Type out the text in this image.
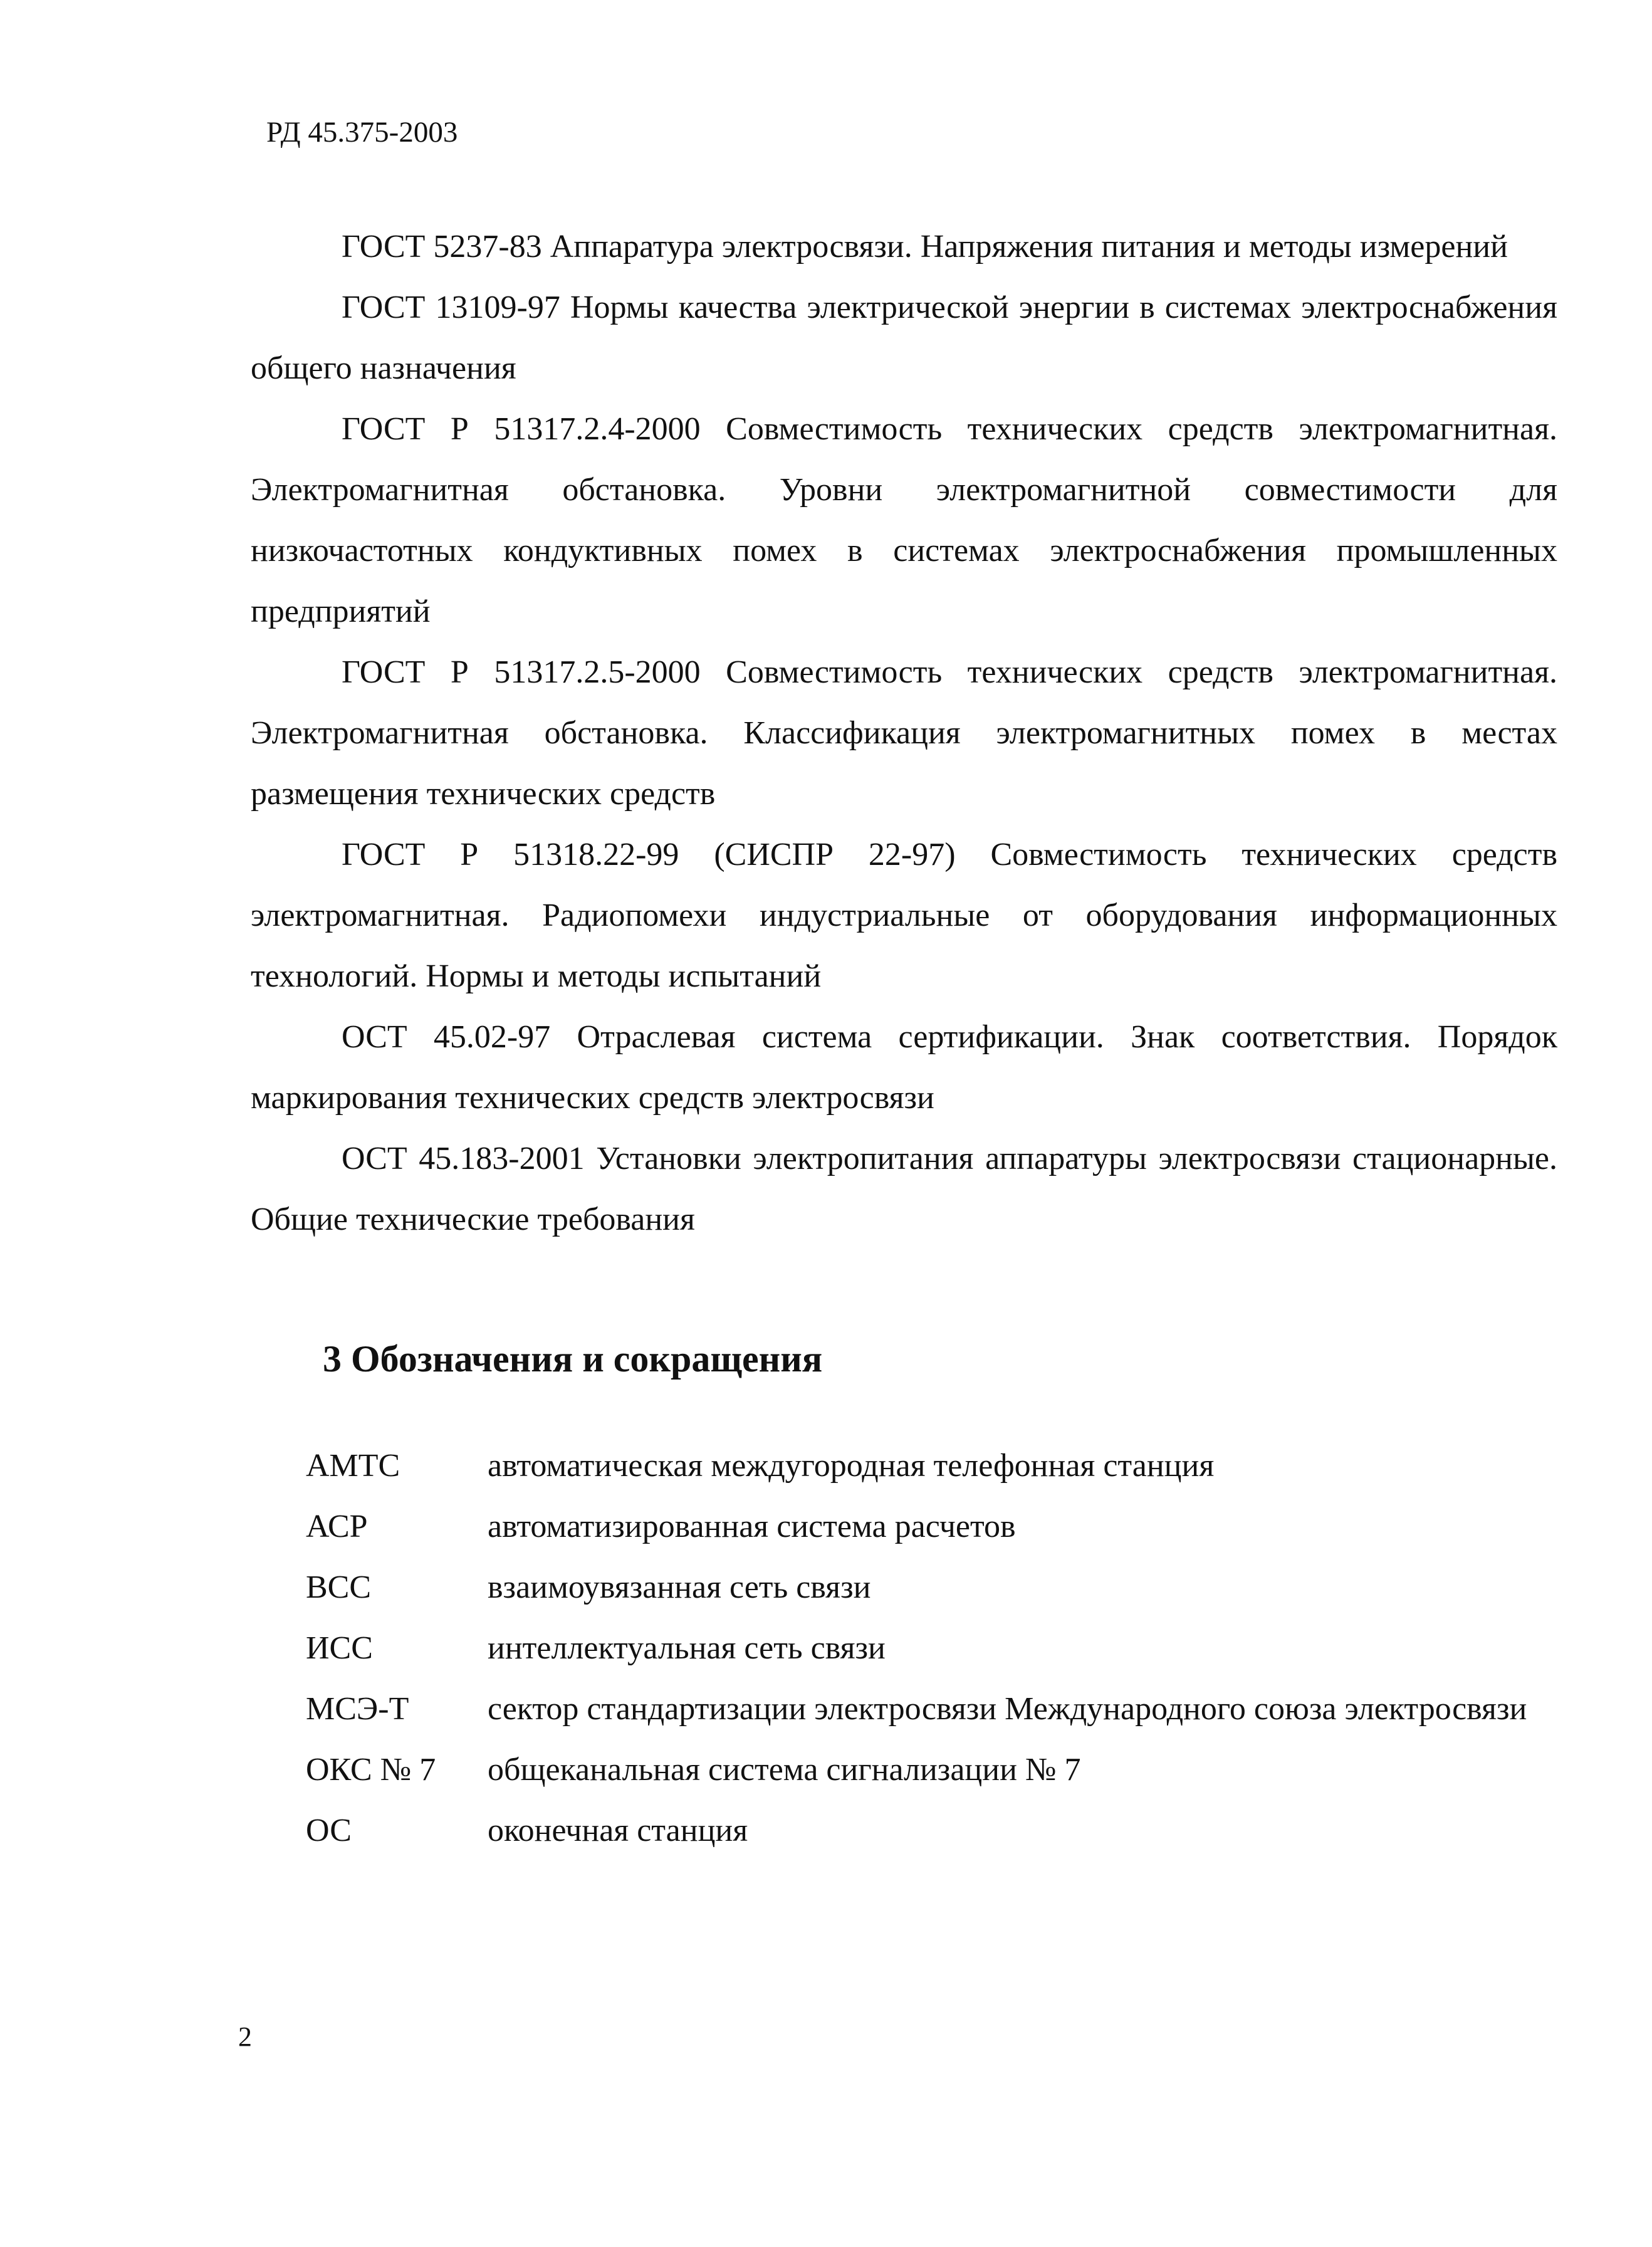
РД 45.375-2003

ГОСТ 5237-83 Аппаратура электросвязи. Напряжения питания и методы измерений

ГОСТ 13109-97 Нормы качества электрической энергии в системах электроснабжения общего назначения

ГОСТ Р 51317.2.4-2000 Совместимость технических средств электромагнитная. Электромагнитная обстановка. Уровни электромагнитной совместимости для низкочастотных кондуктивных помех в системах электроснабжения промышленных предприятий

ГОСТ Р 51317.2.5-2000 Совместимость технических средств электромагнитная. Электромагнитная обстановка. Классификация электромагнитных помех в местах размещения технических средств

ГОСТ Р 51318.22-99 (СИСПР 22-97) Совместимость технических средств электромагнитная. Радиопомехи индустриальные от оборудования информационных технологий. Нормы и методы испытаний

ОСТ 45.02-97 Отраслевая система сертификации. Знак соответствия. Порядок маркирования технических средств электросвязи

ОСТ 45.183-2001 Установки электропитания аппаратуры электросвязи стационарные. Общие технические требования

3 Обозначения и сокращения
АМТС	автоматическая междугородная телефонная станция
АСР	автоматизированная система расчетов
ВСС	взаимоувязанная сеть связи
ИСС	интеллектуальная сеть связи
МСЭ-Т	сектор стандартизации электросвязи Международного союза электросвязи
ОКС № 7	общеканальная система сигнализации № 7
ОС	оконечная станция
2
